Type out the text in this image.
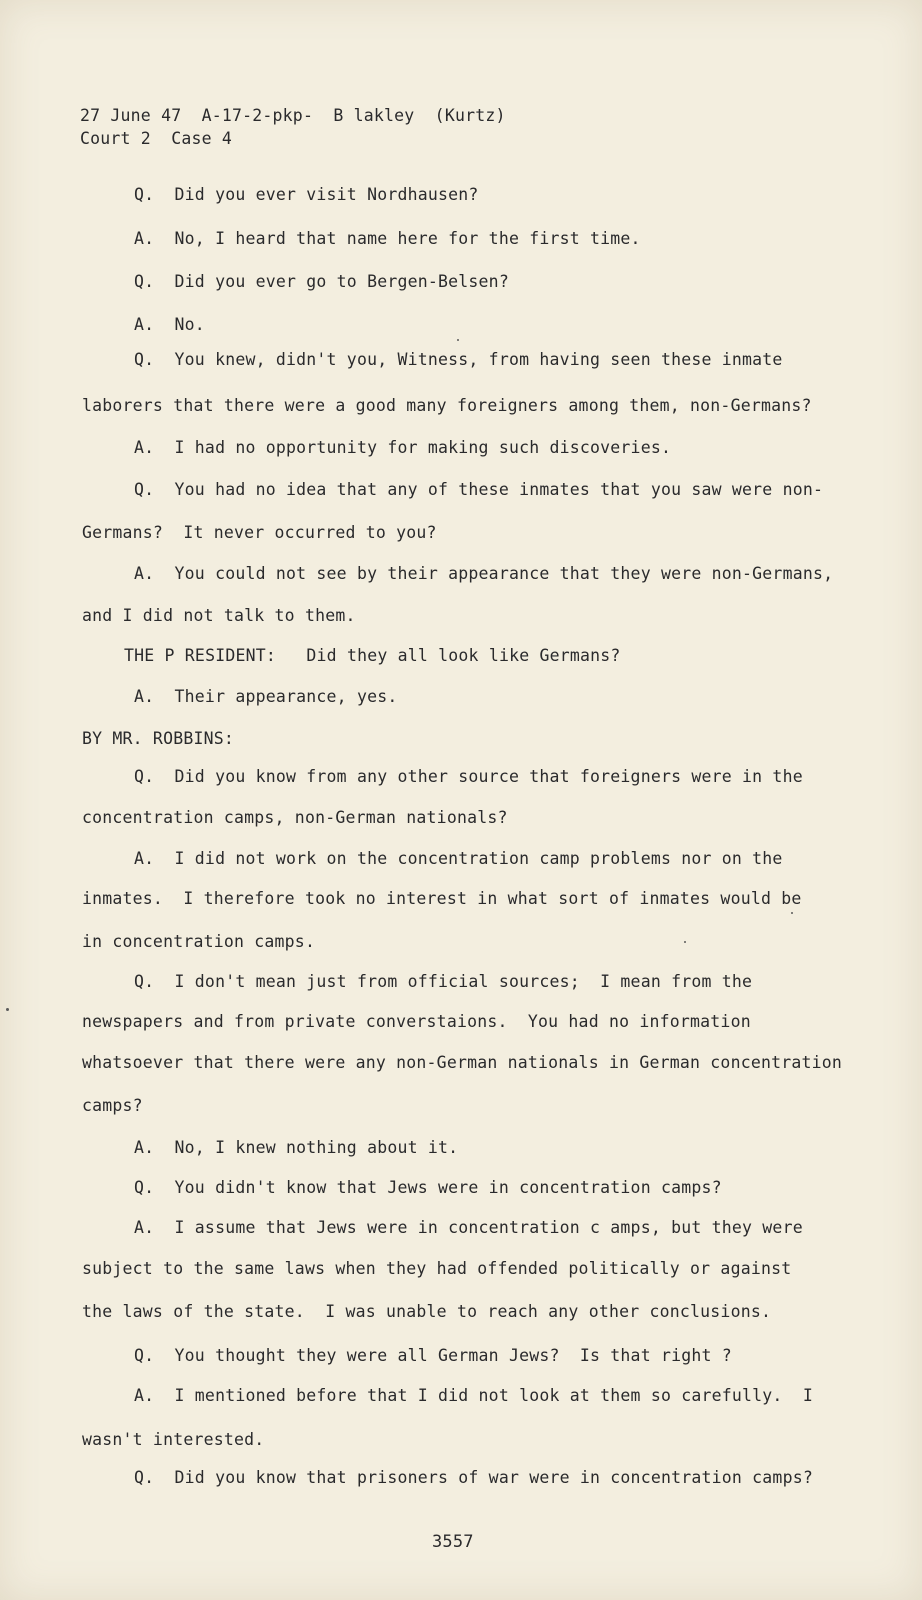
27 June 47  A-17-2-pkp-  B lakley  (Kurtz)
Court 2  Case 4
Q.  Did you ever visit Nordhausen?
A.  No, I heard that name here for the first time.
Q.  Did you ever go to Bergen-Belsen?
A.  No.
Q.  You knew, didn't you, Witness, from having seen these inmate
laborers that there were a good many foreigners among them, non-Germans?
A.  I had no opportunity for making such discoveries.
Q.  You had no idea that any of these inmates that you saw were non-
Germans?  It never occurred to you?
A.  You could not see by their appearance that they were non-Germans,
and I did not talk to them.
THE P RESIDENT:   Did they all look like Germans?
A.  Their appearance, yes.
BY MR. ROBBINS:
Q.  Did you know from any other source that foreigners were in the
concentration camps, non-German nationals?
A.  I did not work on the concentration camp problems nor on the
inmates.  I therefore took no interest in what sort of inmates would be
in concentration camps.
Q.  I don't mean just from official sources;  I mean from the
newspapers and from private converstaions.  You had no information
whatsoever that there were any non-German nationals in German concentration
camps?
A.  No, I knew nothing about it.
Q.  You didn't know that Jews were in concentration camps?
A.  I assume that Jews were in concentration c amps, but they were
subject to the same laws when they had offended politically or against
the laws of the state.  I was unable to reach any other conclusions.
Q.  You thought they were all German Jews?  Is that right ?
A.  I mentioned before that I did not look at them so carefully.  I
wasn't interested.
Q.  Did you know that prisoners of war were in concentration camps?
3557
